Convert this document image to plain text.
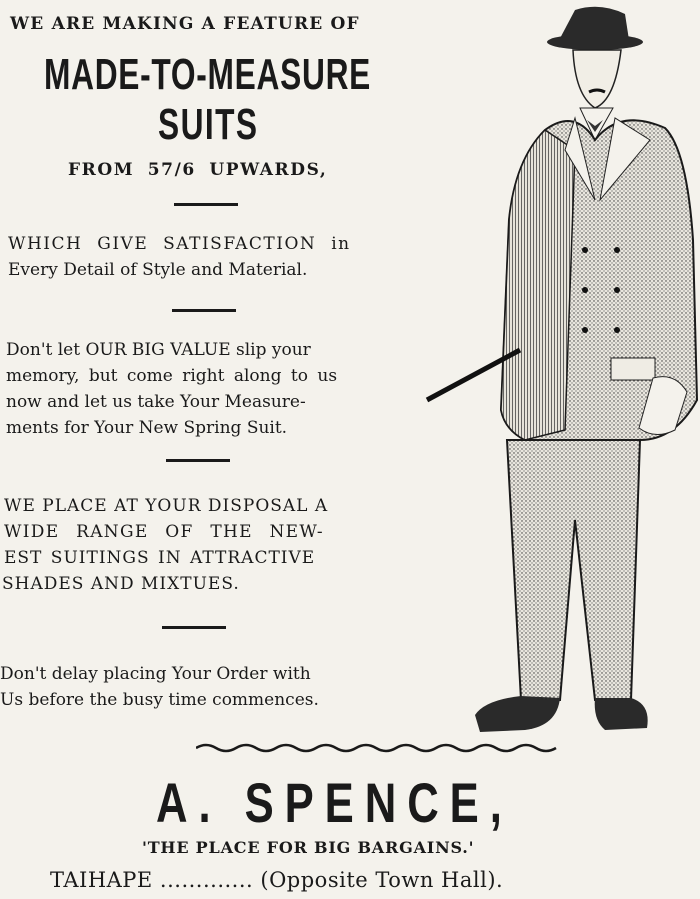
WE ARE MAKING A FEATURE OF
MADE-TO-MEASURE
SUITS
FROM 57/6 UPWARDS,
WHICH GIVE SATISFACTION in
Every Detail of Style and Material.
Don't let OUR BIG VALUE slip your
memory, but come right along to us
now and let us take Your Measure-
ments for Your New Spring Suit.
WE PLACE AT YOUR DISPOSAL A
WIDE RANGE OF THE NEW-
EST SUITINGS IN ATTRACTIVE
SHADES AND MIXTUES.
Don't delay placing Your Order with
Us before the busy time commences.
A. SPENCE,
'THE PLACE FOR BIG BARGAINS.'
TAIHAPE ............. (Opposite Town Hall).
